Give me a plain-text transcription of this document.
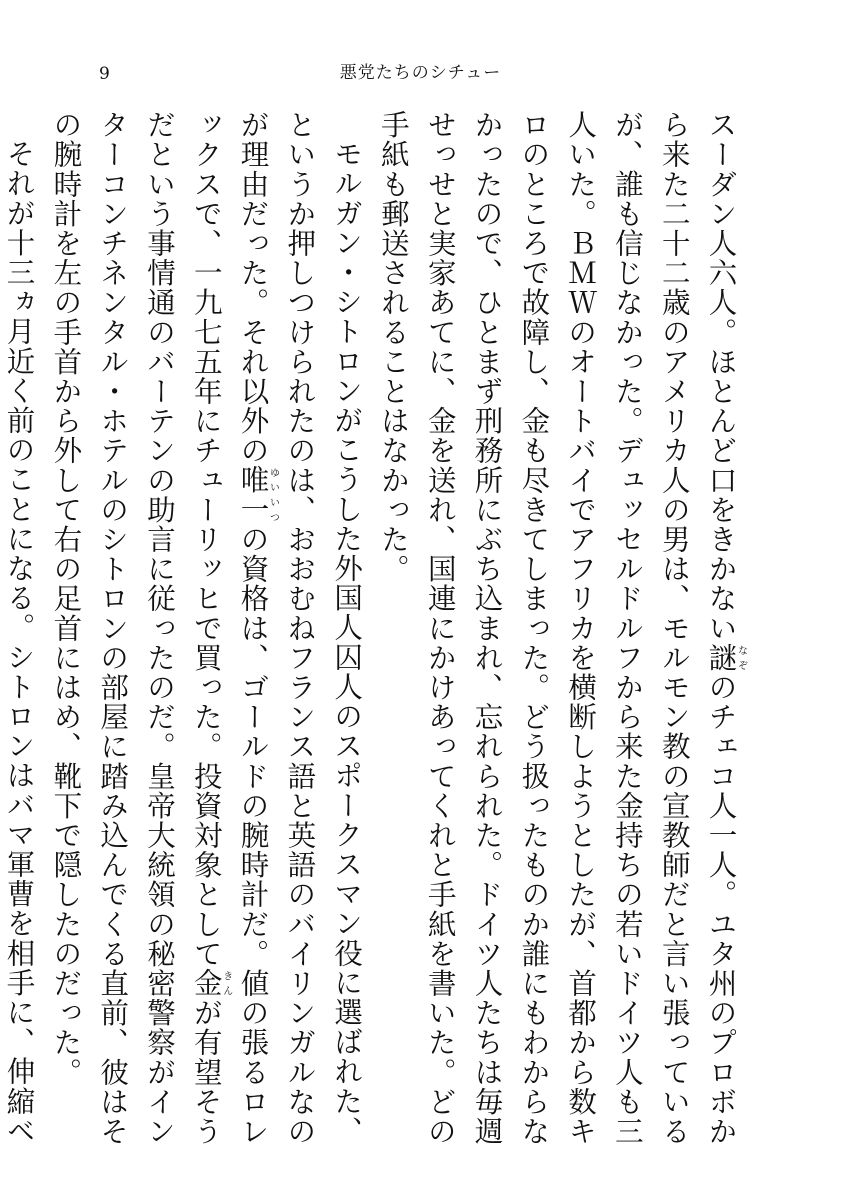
9	悪党たちのシチュー

スーダン人六人。ほとんど口をきかない謎なぞのチェコ人一人。ユタ州のプロボから来た二十二歳のアメリカ人の男は、モルモン教の宣教師だと言い張っているが、誰も信じなかった。デュッセルドルフから来た金持ちの若いドイツ人も三人いた。ＢＭＷのオートバイでアフリカを横断しようとしたが、首都から数キロのところで故障し、金も尽きてしまった。どう扱ったものか誰にもわからなかったので、ひとまず刑務所にぶち込まれ、忘れられた。ドイツ人たちは毎週せっせと実家あてに、金を送れ、国連にかけあってくれと手紙を書いた。どの手紙も郵送されることはなかった。

モルガン・シトロンがこうした外国人囚人のスポークスマン役に選ばれた、というか押しつけられたのは、おおむねフランス語と英語のバイリンガルなのが理由だった。それ以外の唯一ゆいいつの資格は、ゴールドの腕時計だ。値の張るロレックスで、一九七五年にチューリッヒで買った。投資対象として金きんが有望そうだという事情通のバーテンの助言に従ったのだ。皇帝大統領の秘密警察がインターコンチネンタル・ホテルのシトロンの部屋に踏み込んでくる直前、彼はその腕時計を左の手首から外して右の足首にはめ、靴下で隠したのだった。

それが十三ヵ月近く前のことになる。シトロンはバマ軍曹を相手に、伸縮ベ
